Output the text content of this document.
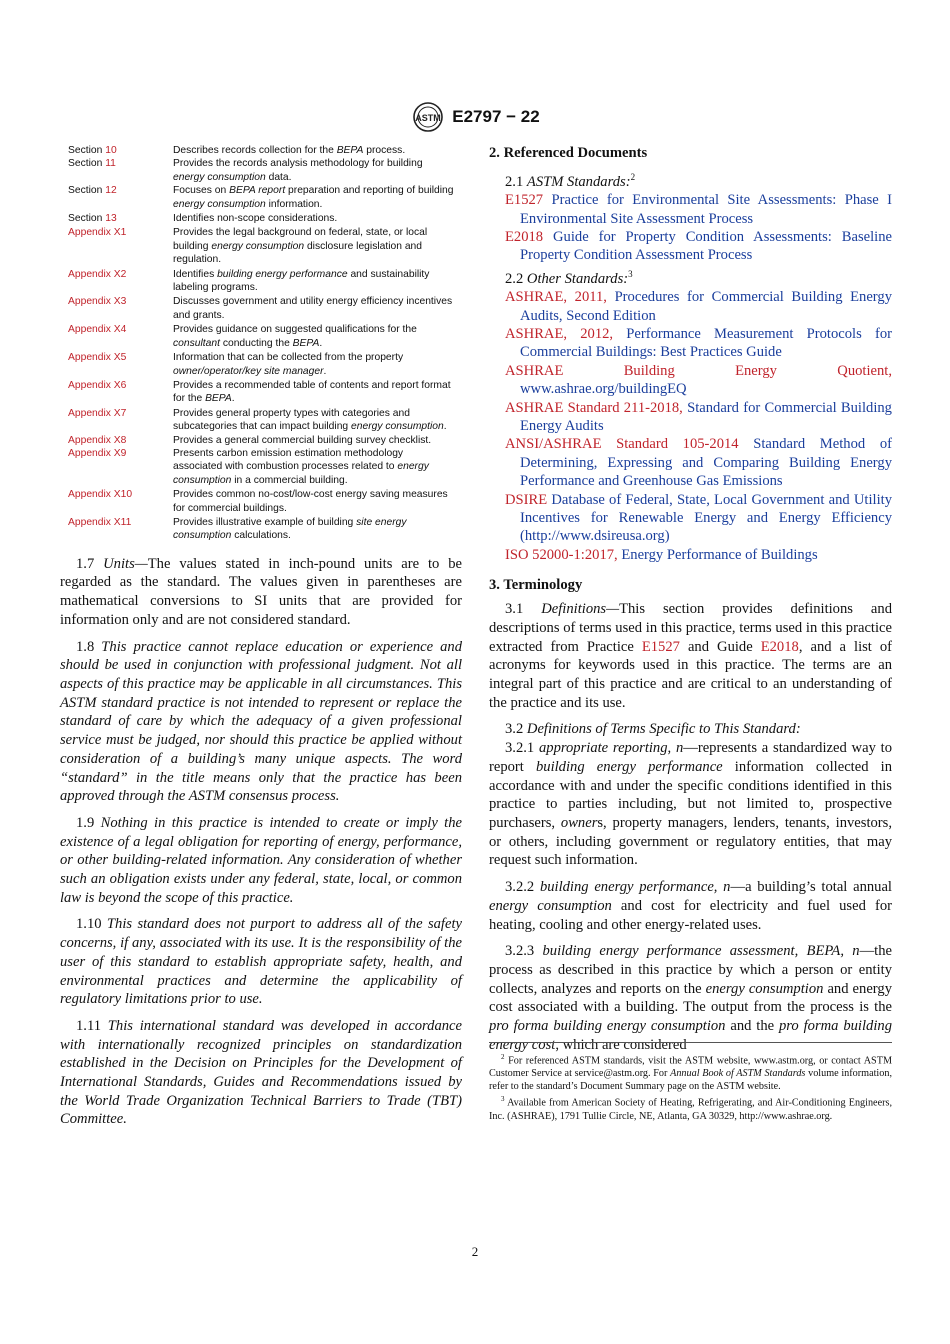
ASTM E2797 − 22
Section 10	Describes records collection for the BEPA process.
Section 11	Provides the records analysis methodology for building energy consumption data.
Section 12	Focuses on BEPA report preparation and reporting of building energy consumption information.
Section 13	Identifies non-scope considerations.
Appendix X1	Provides the legal background on federal, state, or local building energy consumption disclosure legislation and regulation.
Appendix X2	Identifies building energy performance and sustainability labeling programs.
Appendix X3	Discusses government and utility energy efficiency incentives and grants.
Appendix X4	Provides guidance on suggested qualifications for the consultant conducting the BEPA.
Appendix X5	Information that can be collected from the property owner/operator/key site manager.
Appendix X6	Provides a recommended table of contents and report format for the BEPA.
Appendix X7	Provides general property types with categories and subcategories that can impact building energy consumption.
Appendix X8	Provides a general commercial building survey checklist.
Appendix X9	Presents carbon emission estimation methodology associated with combustion processes related to energy consumption in a commercial building.
Appendix X10	Provides common no-cost/low-cost energy saving measures for commercial buildings.
Appendix X11	Provides illustrative example of building site energy consumption calculations.

1.7 Units—The values stated in inch-pound units are to be regarded as the standard. The values given in parentheses are mathematical conversions to SI units that are provided for information only and are not considered standard.

1.8 This practice cannot replace education or experience and should be used in conjunction with professional judgment. Not all aspects of this practice may be applicable in all circumstances. This ASTM standard practice is not intended to represent or replace the standard of care by which the adequacy of a given professional service must be judged, nor should this practice be applied without consideration of a building’s many unique aspects. The word “standard” in the title means only that the practice has been approved through the ASTM consensus process.

1.9 Nothing in this practice is intended to create or imply the existence of a legal obligation for reporting of energy, performance, or other building-related information. Any consideration of whether such an obligation exists under any federal, state, local, or common law is beyond the scope of this practice.

1.10 This standard does not purport to address all of the safety concerns, if any, associated with its use. It is the responsibility of the user of this standard to establish appropriate safety, health, and environmental practices and determine the applicability of regulatory limitations prior to use.

1.11 This international standard was developed in accordance with internationally recognized principles on standardization established in the Decision on Principles for the Development of International Standards, Guides and Recommendations issued by the World Trade Organization Technical Barriers to Trade (TBT) Committee.

2. Referenced Documents

2.1 ASTM Standards:$^2$

E1527 Practice for Environmental Site Assessments: Phase I Environmental Site Assessment Process

E2018 Guide for Property Condition Assessments: Baseline Property Condition Assessment Process

2.2 Other Standards:$^3$

ASHRAE, 2011, Procedures for Commercial Building Energy Audits, Second Edition

ASHRAE, 2012, Performance Measurement Protocols for Commercial Buildings: Best Practices Guide

ASHRAE Building Energy Quotient, www.ashrae.org/buildingEQ

ASHRAE Standard 211-2018, Standard for Commercial Building Energy Audits

ANSI/ASHRAE Standard 105-2014 Standard Method of Determining, Expressing and Comparing Building Energy Performance and Greenhouse Gas Emissions

DSIRE Database of Federal, State, Local Government and Utility Incentives for Renewable Energy and Energy Efficiency (http://www.dsireusa.org)

ISO 52000-1:2017, Energy Performance of Buildings

3. Terminology

3.1 Definitions—This section provides definitions and descriptions of terms used in this practice, terms used in this practice extracted from Practice E1527 and Guide E2018, and a list of acronyms for keywords used in this practice. The terms are an integral part of this practice and are critical to an understanding of the practice and its use.

3.2 Definitions of Terms Specific to This Standard:

3.2.1 appropriate reporting, n—represents a standardized way to report building energy performance information collected in accordance with and under the specific conditions identified in this practice to parties including, but not limited to, prospective purchasers, owners, property managers, lenders, tenants, investors, or others, including government or regulatory entities, that may request such information.

3.2.2 building energy performance, n—a building’s total annual energy consumption and cost for electricity and fuel used for heating, cooling and other energy-related uses.

3.2.3 building energy performance assessment, BEPA, n—the process as described in this practice by which a person or entity collects, analyzes and reports on the energy consumption and energy cost associated with a building. The output from the process is the pro forma building energy consumption and the pro forma building energy cost, which are considered

$^2$ For referenced ASTM standards, visit the ASTM website, www.astm.org, or contact ASTM Customer Service at service@astm.org. For Annual Book of ASTM Standards volume information, refer to the standard’s Document Summary page on the ASTM website.

$^3$ Available from American Society of Heating, Refrigerating, and Air-Conditioning Engineers, Inc. (ASHRAE), 1791 Tullie Circle, NE, Atlanta, GA 30329, http://www.ashrae.org.

2
